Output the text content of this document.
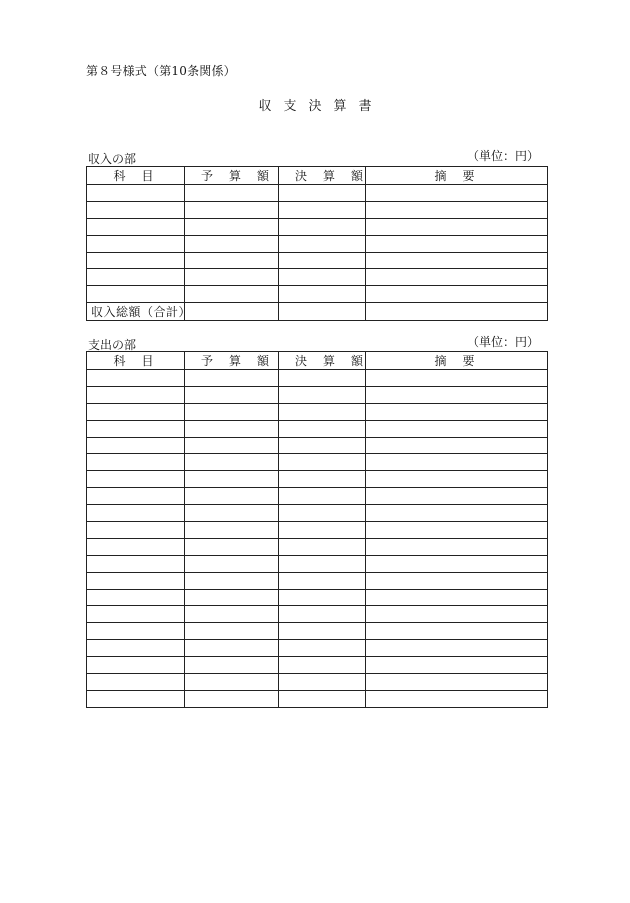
第８号様式（第10条関係）
収支決算書
収入の部	（単位：円）
科目	予算額	決算額	摘要

収入総額（合計）			
支出の部	（単位：円）
科目	予算額	決算額	摘要
